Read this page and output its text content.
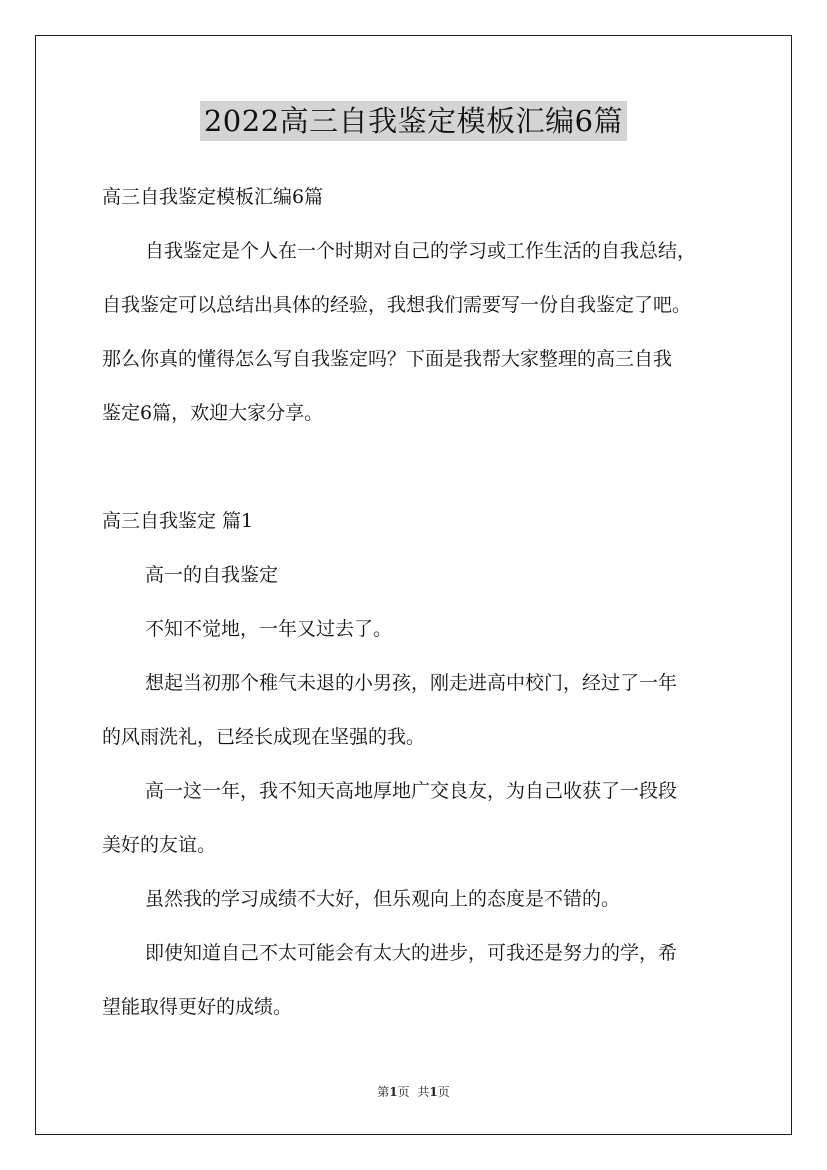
2022高三自我鉴定模板汇编6篇

高三自我鉴定模板汇编6篇

自我鉴定是个人在一个时期对自己的学习或工作生活的自我总结，

自我鉴定可以总结出具体的经验，我想我们需要写一份自我鉴定了吧。

那么你真的懂得怎么写自我鉴定吗？下面是我帮大家整理的高三自我

鉴定6篇，欢迎大家分享。

高三自我鉴定 篇1

高一的自我鉴定

不知不觉地，一年又过去了。

想起当初那个稚气未退的小男孩，刚走进高中校门，经过了一年

的风雨洗礼，已经长成现在坚强的我。

高一这一年，我不知天高地厚地广交良友，为自己收获了一段段

美好的友谊。

虽然我的学习成绩不大好，但乐观向上的态度是不错的。

即使知道自己不太可能会有太大的进步，可我还是努力的学，希

望能取得更好的成绩。

第1页 共1页
